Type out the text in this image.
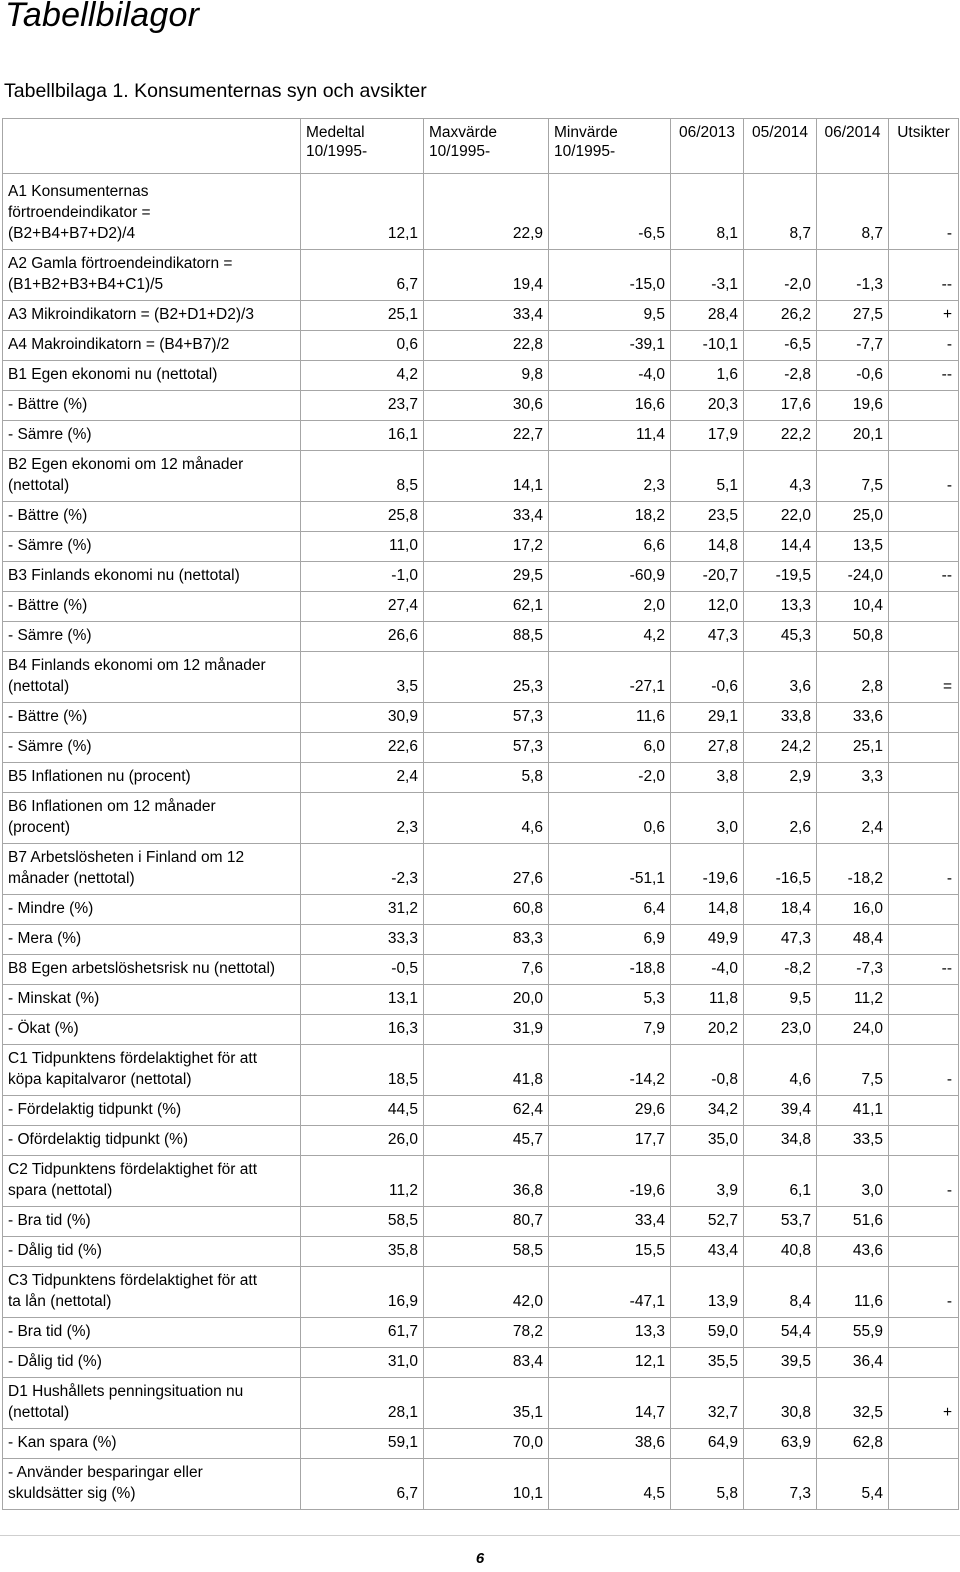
Tabellbilagor
Tabellbilaga 1. Konsumenternas syn och avsikter
	Medeltal
10/1995-	Maxvärde
10/1995-	Minvärde
10/1995-	06/2013	05/2014	06/2014	Utsikter
A1 Konsumenternas
förtroendeindikator =
(B2+B4+B7+D2)/4	12,1	22,9	-6,5	8,1	8,7	8,7	-
A2 Gamla förtroendeindikatorn =
(B1+B2+B3+B4+C1)/5	6,7	19,4	-15,0	-3,1	-2,0	-1,3	--
A3 Mikroindikatorn = (B2+D1+D2)/3	25,1	33,4	9,5	28,4	26,2	27,5	+
A4 Makroindikatorn = (B4+B7)/2	0,6	22,8	-39,1	-10,1	-6,5	-7,7	-
B1 Egen ekonomi nu (nettotal)	4,2	9,8	-4,0	1,6	-2,8	-0,6	--
- Bättre (%)	23,7	30,6	16,6	20,3	17,6	19,6	
- Sämre (%)	16,1	22,7	11,4	17,9	22,2	20,1	
B2 Egen ekonomi om 12 månader
(nettotal)	8,5	14,1	2,3	5,1	4,3	7,5	-
- Bättre (%)	25,8	33,4	18,2	23,5	22,0	25,0	
- Sämre (%)	11,0	17,2	6,6	14,8	14,4	13,5	
B3 Finlands ekonomi nu (nettotal)	-1,0	29,5	-60,9	-20,7	-19,5	-24,0	--
- Bättre (%)	27,4	62,1	2,0	12,0	13,3	10,4	
- Sämre (%)	26,6	88,5	4,2	47,3	45,3	50,8	
B4 Finlands ekonomi om 12 månader
(nettotal)	3,5	25,3	-27,1	-0,6	3,6	2,8	=
- Bättre (%)	30,9	57,3	11,6	29,1	33,8	33,6	
- Sämre (%)	22,6	57,3	6,0	27,8	24,2	25,1	
B5 Inflationen nu (procent)	2,4	5,8	-2,0	3,8	2,9	3,3	
B6 Inflationen om 12 månader
(procent)	2,3	4,6	0,6	3,0	2,6	2,4	
B7 Arbetslösheten i Finland om 12
månader (nettotal)	-2,3	27,6	-51,1	-19,6	-16,5	-18,2	-
- Mindre (%)	31,2	60,8	6,4	14,8	18,4	16,0	
- Mera (%)	33,3	83,3	6,9	49,9	47,3	48,4	
B8 Egen arbetslöshetsrisk nu (nettotal)	-0,5	7,6	-18,8	-4,0	-8,2	-7,3	--
- Minskat (%)	13,1	20,0	5,3	11,8	9,5	11,2	
- Ökat (%)	16,3	31,9	7,9	20,2	23,0	24,0	
C1 Tidpunktens fördelaktighet för att
köpa kapitalvaror (nettotal)	18,5	41,8	-14,2	-0,8	4,6	7,5	-
- Fördelaktig tidpunkt (%)	44,5	62,4	29,6	34,2	39,4	41,1	
- Ofördelaktig tidpunkt (%)	26,0	45,7	17,7	35,0	34,8	33,5	
C2 Tidpunktens fördelaktighet för att
spara (nettotal)	11,2	36,8	-19,6	3,9	6,1	3,0	-
- Bra tid (%)	58,5	80,7	33,4	52,7	53,7	51,6	
- Dålig tid (%)	35,8	58,5	15,5	43,4	40,8	43,6	
C3 Tidpunktens fördelaktighet för att
ta lån (nettotal)	16,9	42,0	-47,1	13,9	8,4	11,6	-
- Bra tid (%)	61,7	78,2	13,3	59,0	54,4	55,9	
- Dålig tid (%)	31,0	83,4	12,1	35,5	39,5	36,4	
D1 Hushållets penningsituation nu
(nettotal)	28,1	35,1	14,7	32,7	30,8	32,5	+
- Kan spara (%)	59,1	70,0	38,6	64,9	63,9	62,8	
- Använder besparingar eller
skuldsätter sig (%)	6,7	10,1	4,5	5,8	7,3	5,4	
6
